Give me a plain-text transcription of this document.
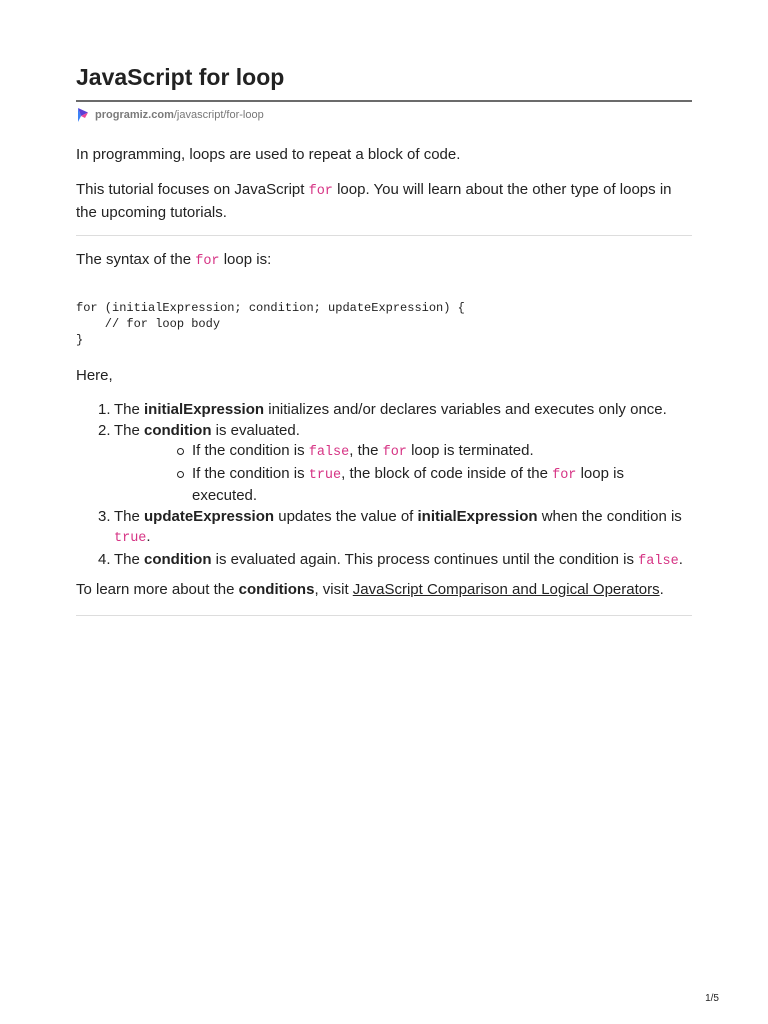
JavaScript for loop
programiz.com /javascript/for-loop

In programming, loops are used to repeat a block of code.

This tutorial focuses on JavaScript for loop. You will learn about the other type of loops in the upcoming tutorials.

The syntax of the for loop is:

for (initialExpression; condition; updateExpression) {
// for loop body
}

Here,

1. The initialExpression initializes and/or declares variables and executes only once.
2. The condition is evaluated.
If the condition is false, the for loop is terminated.
If the condition is true, the block of code inside of the for loop is executed.
3. The updateExpression updates the value of initialExpression when the condition is true.
4. The condition is evaluated again. This process continues until the condition is false.

To learn more about the conditions, visit JavaScript Comparison and Logical Operators.

1/5
